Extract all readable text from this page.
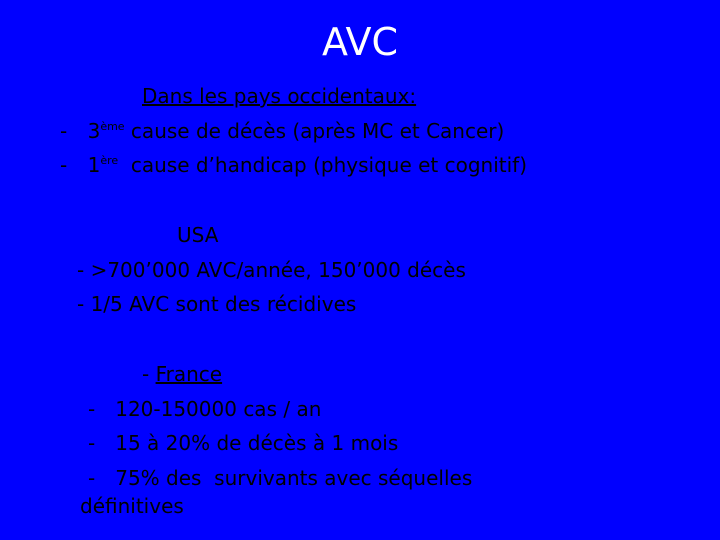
AVC
Dans les pays occidentaux:
- 3ème cause de décès (après MC et Cancer)
- 1ère  cause d’handicap (physique et cognitif)
USA
- >700’000 AVC/année, 150’000 décès
- 1/5 AVC sont des récidives
- France
- 120-150000 cas / an
- 15 à 20% de décès à 1 mois
- 75% des  survivants avec séquelles
définitives
